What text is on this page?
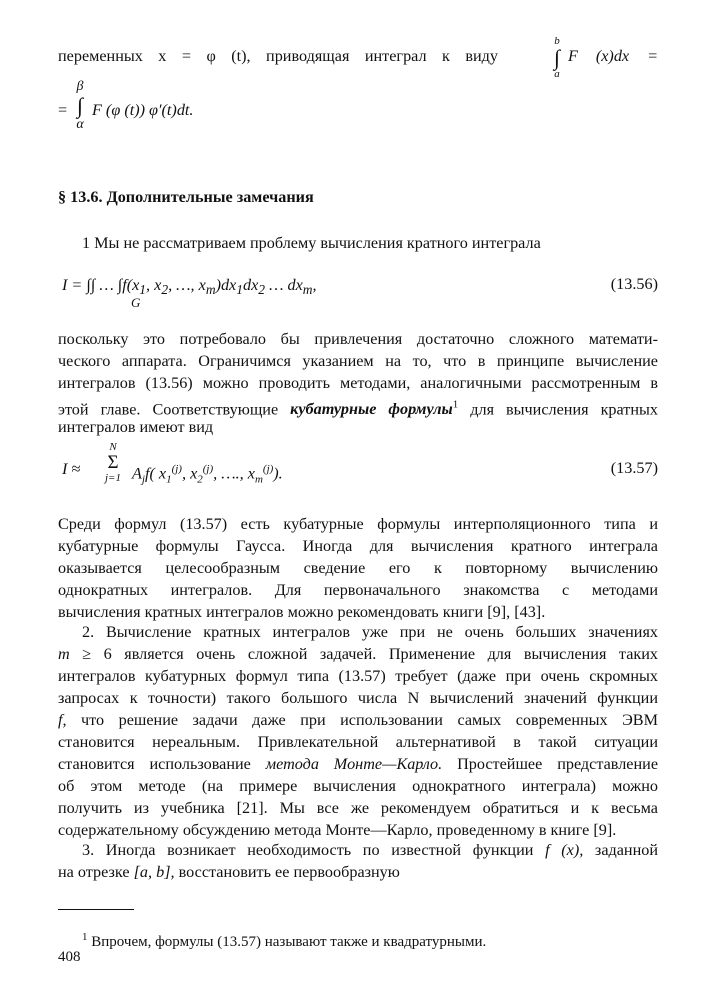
переменных x = φ (t), приводящая интеграл к виду
b
∫
a
F (x)dx =
=
β
∫
α
F (φ (t)) φ′(t)dt.
§ 13.6. Дополнительные замечания
1 Мы не рассматриваем проблему вычисления кратного интеграла
I = ∫∫ … $\int f(x_1$, $x_2$, …, $x_m)dx_1dx_2$ … $dx_m$,
G
(13.56)
поскольку это потребовало бы привлечения достаточно сложного математи-
ческого аппарата. Ограничимся указанием на то, что в принципе вычисление
интегралов (13.56) можно проводить методами, аналогичными рассмотренным в
этой главе. Соответствующие кубатурные формулы$^1$ для вычисления кратных
интегралов имеют вид
I ≈
N
Σ
j=1 $A_jf$( $x_1^{(j)}$, $x_2^{(j)}$, …., $x_m^{(j)}$).	(13.57)
Среди формул (13.57) есть кубатурные формулы интерполяционного типа и
кубатурные формулы Гаусса. Иногда для вычисления кратного интеграла
оказывается целесообразным сведение его к повторному вычислению
однократных интегралов. Для первоначального знакомства с методами
вычисления кратных интегралов можно рекомендовать книги [9], [43].
2. Вычисление кратных интегралов уже при не очень больших значениях
m ≥ 6 является очень сложной задачей. Применение для вычисления таких
интегралов кубатурных формул типа (13.57) требует (даже при очень скромных
запросах к точности) такого большого числа N вычислений значений функции
f, что решение задачи даже при использовании самых современных ЭВМ
становится нереальным. Привлекательной альтернативой в такой ситуации
становится использование метода Монте—Карло. Простейшее представление
об этом методе (на примере вычисления однократного интеграла) можно
получить из учебника [21]. Мы все же рекомендуем обратиться и к весьма
содержательному обсуждению метода Монте—Карло, проведенному в книге [9].
3. Иногда возникает необходимость по известной функции f (x), заданной
на отрезке [a, b], восстановить ее первообразную
$^1$ Впрочем, формулы (13.57) называют также и квадратурными.
408
